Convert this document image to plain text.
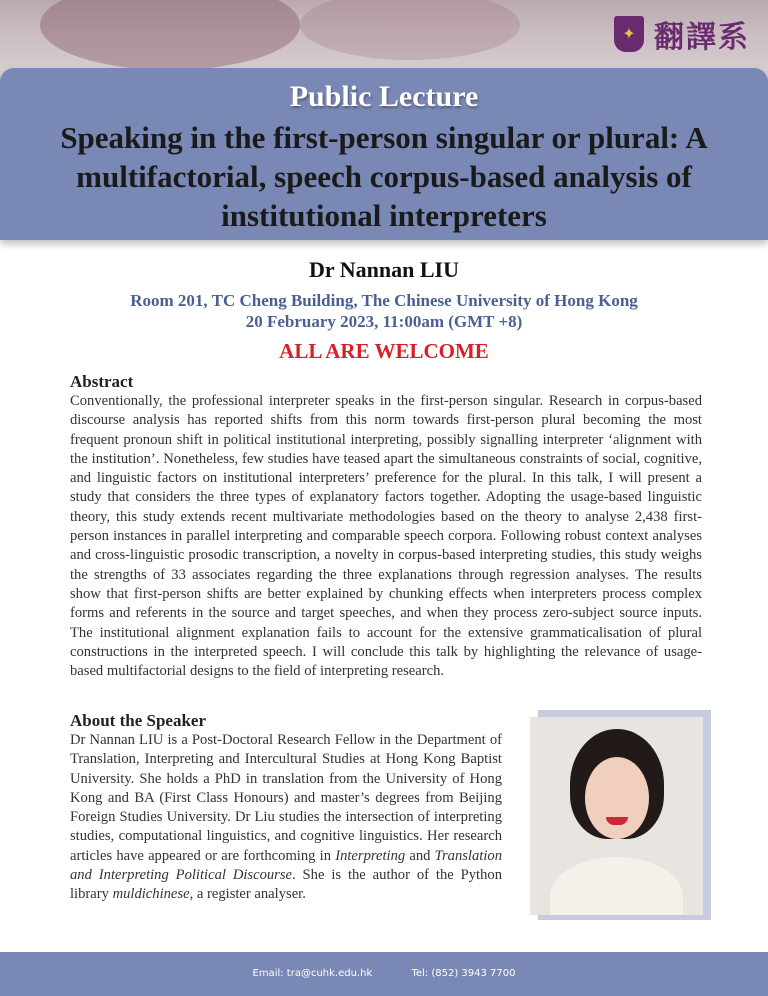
✦ 翻譯系
Public Lecture
Speaking in the first-person singular or plural: A multifactorial, speech corpus-based analysis of institutional interpreters
Dr Nannan LIU
Room 201, TC Cheng Building, The Chinese University of Hong Kong
20 February 2023, 11:00am (GMT +8)
ALL ARE WELCOME
Abstract

Conventionally, the professional interpreter speaks in the first-person singular. Research in corpus-based discourse analysis has reported shifts from this norm towards first-person plural becoming the most frequent pronoun shift in political institutional interpreting, possibly signalling interpreter ‘alignment with the institution’. Nonetheless, few studies have teased apart the simultaneous constraints of social, cognitive, and linguistic factors on institutional interpreters’ preference for the plural. In this talk, I will present a study that considers the three types of explanatory factors together. Adopting the usage-based linguistic theory, this study extends recent multivariate methodologies based on the theory to analyse 2,438 first-person instances in parallel interpreting and comparable speech corpora. Following robust context analyses and cross-linguistic prosodic transcription, a novelty in corpus-based interpreting studies, this study weighs the strengths of 33 associates regarding the three explanations through regression analyses. The results show that first-person shifts are better explained by chunking effects when interpreters process complex forms and referents in the source and target speeches, and when they process zero-subject source inputs. The institutional alignment explanation fails to account for the extensive grammaticalisation of plural constructions in the interpreted speech. I will conclude this talk by highlighting the relevance of usage-based multifactorial designs to the field of interpreting research.

About the Speaker

Dr Nannan LIU is a Post-Doctoral Research Fellow in the Department of Translation, Interpreting and Intercultural Studies at Hong Kong Baptist University. She holds a PhD in translation from the University of Hong Kong and BA (First Class Honours) and master’s degrees from Beijing Foreign Studies University. Dr Liu studies the intersection of interpreting studies, computational linguistics, and cognitive linguistics. Her research articles have appeared or are forthcoming in Interpreting and Translation and Interpreting Political Discourse. She is the author of the Python library muldichinese, a register analyser.

Email: tra@cuhk.edu.hk	Tel: (852) 3943 7700
